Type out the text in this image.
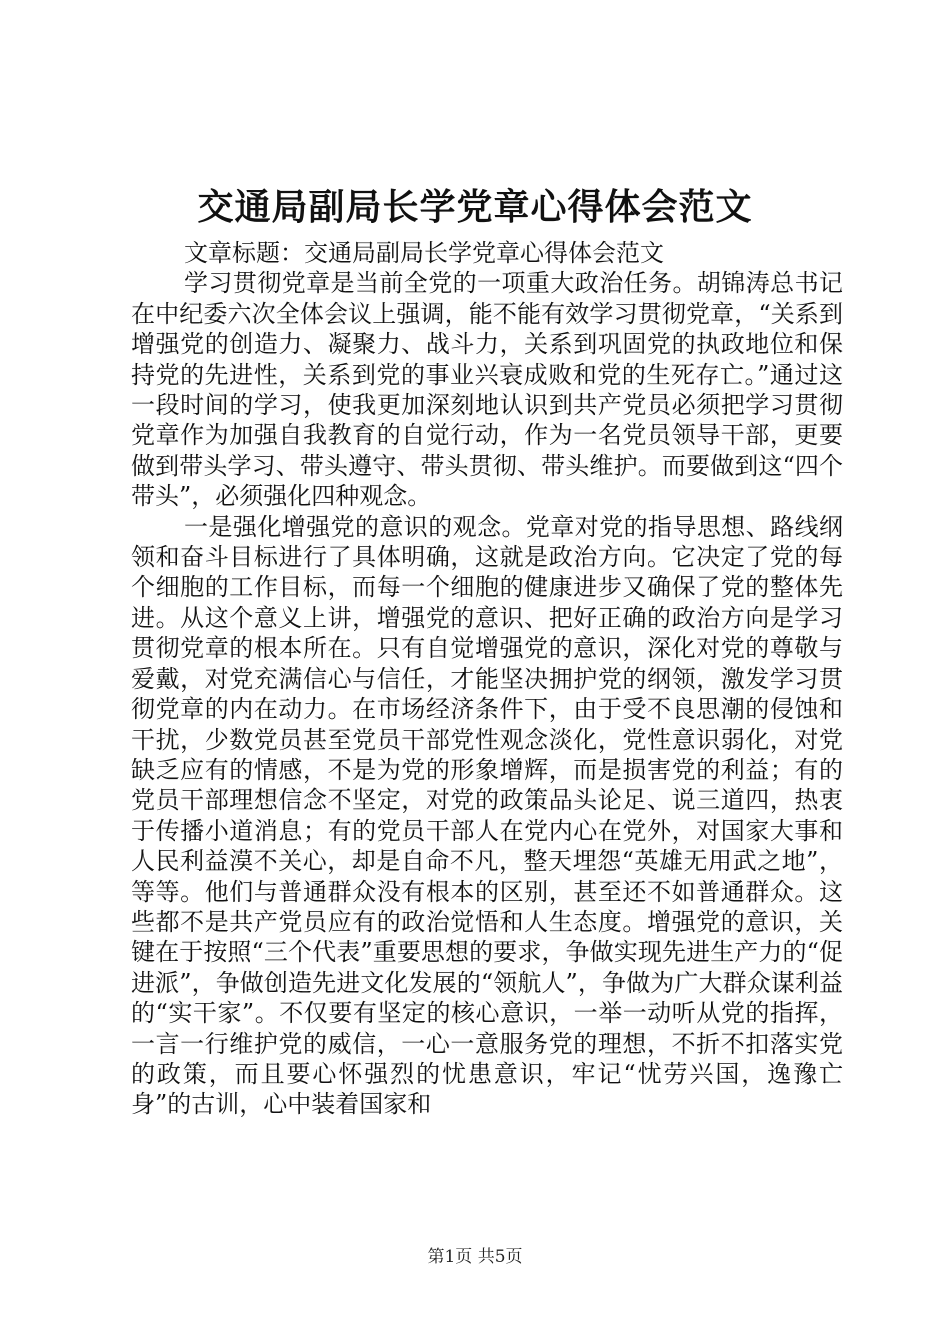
交通局副局长学党章心得体会范文

文章标题：交通局副局长学党章心得体会范文

学习贯彻党章是当前全党的一项重大政治任务。胡锦涛总书记在中纪委六次全体会议上强调，能不能有效学习贯彻党章，“关系到增强党的创造力、凝聚力、战斗力，关系到巩固党的执政地位和保持党的先进性，关系到党的事业兴衰成败和党的生死存亡。”通过这一段时间的学习，使我更加深刻地认识到共产党员必须把学习贯彻党章作为加强自我教育的自觉行动，作为一名党员领导干部，更要做到带头学习、带头遵守、带头贯彻、带头维护。而要做到这“四个带头”，必须强化四种观念。

一是强化增强党的意识的观念。党章对党的指导思想、路线纲领和奋斗目标进行了具体明确，这就是政治方向。它决定了党的每个细胞的工作目标，而每一个细胞的健康进步又确保了党的整体先进。从这个意义上讲，增强党的意识、把好正确的政治方向是学习贯彻党章的根本所在。只有自觉增强党的意识，深化对党的尊敬与爱戴，对党充满信心与信任，才能坚决拥护党的纲领，激发学习贯彻党章的内在动力。在市场经济条件下，由于受不良思潮的侵蚀和干扰，少数党员甚至党员干部党性观念淡化，党性意识弱化，对党缺乏应有的情感，不是为党的形象增辉，而是损害党的利益；有的党员干部理想信念不坚定，对党的政策品头论足、说三道四，热衷于传播小道消息；有的党员干部人在党内心在党外，对国家大事和人民利益漠不关心，却是自命不凡，整天埋怨“英雄无用武之地”，等等。他们与普通群众没有根本的区别，甚至还不如普通群众。这些都不是共产党员应有的政治觉悟和人生态度。增强党的意识，关键在于按照“三个代表”重要思想的要求，争做实现先进生产力的“促进派”，争做创造先进文化发展的“领航人”，争做为广大群众谋利益的“实干家”。不仅要有坚定的核心意识，一举一动听从党的指挥，一言一行维护党的威信，一心一意服务党的理想，不折不扣落实党的政策，而且要心怀强烈的忧患意识，牢记“忧劳兴国，逸豫亡身”的古训，心中装着国家和

第1页 共5页
